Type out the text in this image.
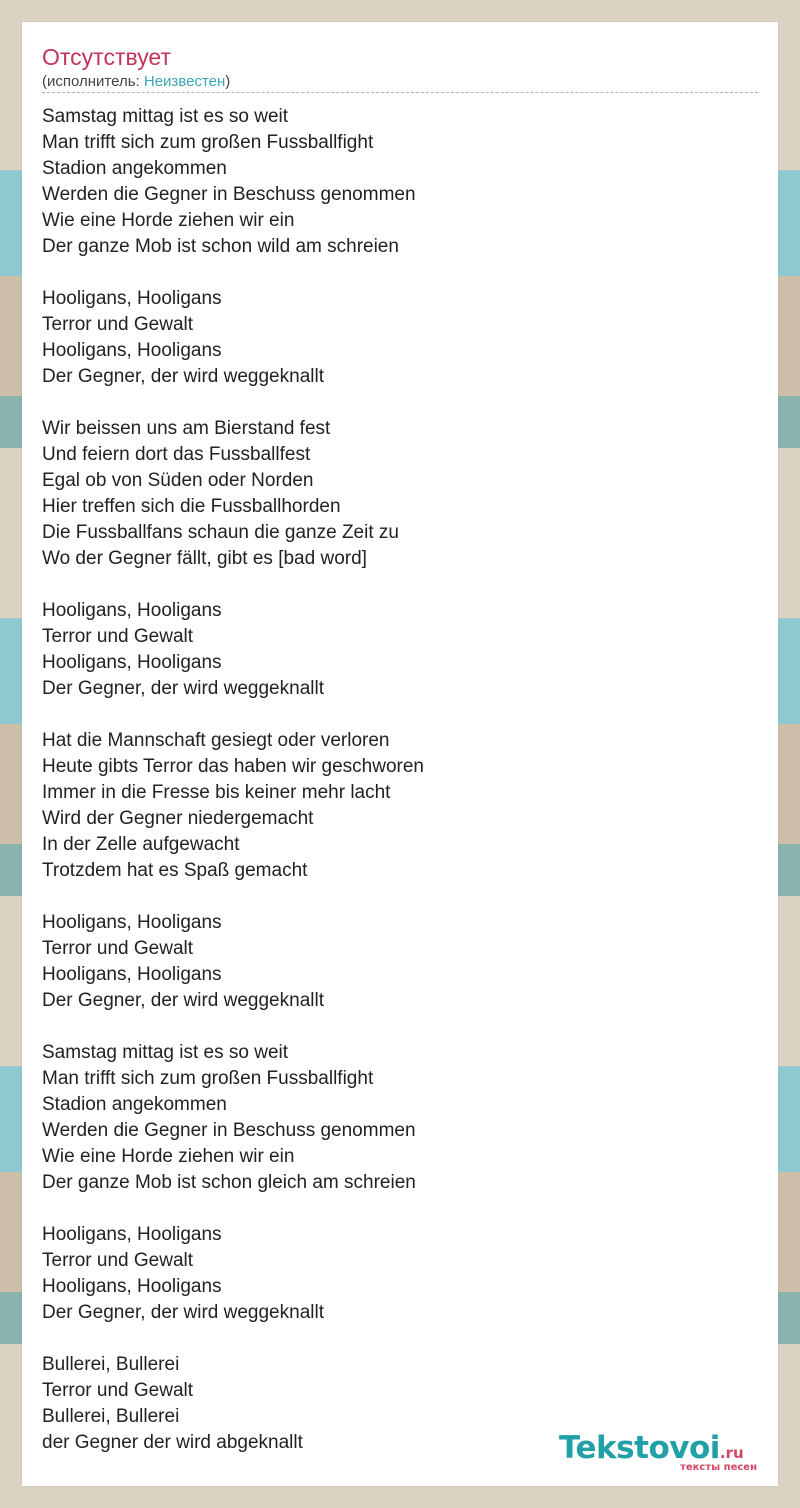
Отсутствует
(исполнитель: Неизвестен)
Samstag mittag ist es so weit
Man trifft sich zum großen Fussballfight
Stadion angekommen
Werden die Gegner in Beschuss genommen
Wie eine Horde ziehen wir ein
Der ganze Mob ist schon wild am schreien
Hooligans, Hooligans
Terror und Gewalt
Hooligans, Hooligans
Der Gegner, der wird weggeknallt
Wir beissen uns am Bierstand fest
Und feiern dort das Fussballfest
Egal ob von Süden oder Norden
Hier treffen sich die Fussballhorden
Die Fussballfans schaun die ganze Zeit zu
Wo der Gegner fällt, gibt es [bad word]
Hooligans, Hooligans
Terror und Gewalt
Hooligans, Hooligans
Der Gegner, der wird weggeknallt
Hat die Mannschaft gesiegt oder verloren
Heute gibts Terror das haben wir geschworen
Immer in die Fresse bis keiner mehr lacht
Wird der Gegner niedergemacht
In der Zelle aufgewacht
Trotzdem hat es Spaß gemacht
Hooligans, Hooligans
Terror und Gewalt
Hooligans, Hooligans
Der Gegner, der wird weggeknallt
Samstag mittag ist es so weit
Man trifft sich zum großen Fussballfight
Stadion angekommen
Werden die Gegner in Beschuss genommen
Wie eine Horde ziehen wir ein
Der ganze Mob ist schon gleich am schreien
Hooligans, Hooligans
Terror und Gewalt
Hooligans, Hooligans
Der Gegner, der wird weggeknallt
Bullerei, Bullerei
Terror und Gewalt
Bullerei, Bullerei
der Gegner der wird abgeknallt	Tekstovoi.ru
тексты песен
